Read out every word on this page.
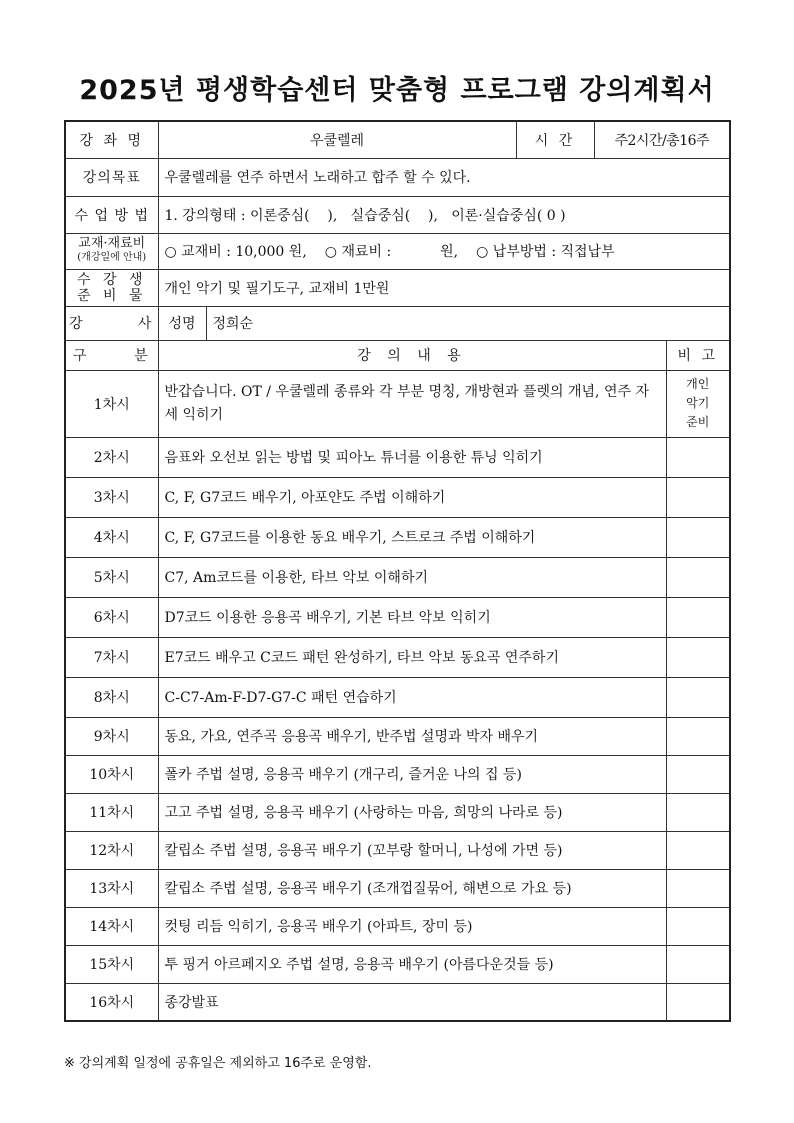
2025년 평생학습센터 맞춤형 프로그램 강의계획서
강 좌 명	우쿨렐레		시 간	주2시간/총16주	
강의목표	우쿨렐레를 연주 하면서 노래하고 합주 할 수 있다.				
수 업 방 법	1. 강의형태 : 이론중심(    ),   실습중심(    ),   이론·실습중심( 0 )				

교재·재료비
(개강일에 안내)	○ 교재비 : 10,000 원, ○ 재료비 :           원, ○ 납부방법 : 직접납부				

수 강 생
준 비 물	개인 악기 및 필기도구, 교재비 1만원				
강       사	성명	정희순			
구      분	강 의 내 용				비 고
1차시	반갑습니다. OT / 우쿨렐레 종류와 각 부분 명칭, 개방현과 플렛의 개념, 연주 자세 익히기				개인
악기
준비

2차시	음표와 오선보 읽는 방법 및 피아노 튜너를 이용한 튜닝 익히기				
3차시	C, F, G7코드 배우기, 아포얀도 주법 이해하기				
4차시	C, F, G7코드를 이용한 동요 배우기, 스트로크 주법 이해하기				
5차시	C7, Am코드를 이용한, 타브 악보 이해하기				
6차시	D7코드 이용한 응용곡 배우기, 기본 타브 악보 익히기				
7차시	E7코드 배우고 C코드 패턴 완성하기, 타브 악보 동요곡 연주하기				
8차시	C-C7-Am-F-D7-G7-C 패턴 연습하기				
9차시	동요, 가요, 연주곡 응용곡 배우기, 반주법 설명과 박자 배우기				
10차시	폴카 주법 설명, 응용곡 배우기 (개구리, 즐거운 나의 집 등)				
11차시	고고 주법 설명, 응용곡 배우기 (사랑하는 마음, 희망의 나라로 등)				
12차시	칼립소 주법 설명, 응용곡 배우기 (꼬부랑 할머니, 나성에 가면 등)				
13차시	칼립소 주법 설명, 응용곡 배우기 (조개껍질묶어, 해변으로 가요 등)				
14차시	컷팅 리듬 익히기, 응용곡 배우기 (아파트, 장미 등)				
15차시	투 핑거 아르페지오 주법 설명, 응용곡 배우기 (아름다운것들 등)				
16차시	종강발표				
※ 강의계획 일정에 공휴일은 제외하고 16주로 운영함.
